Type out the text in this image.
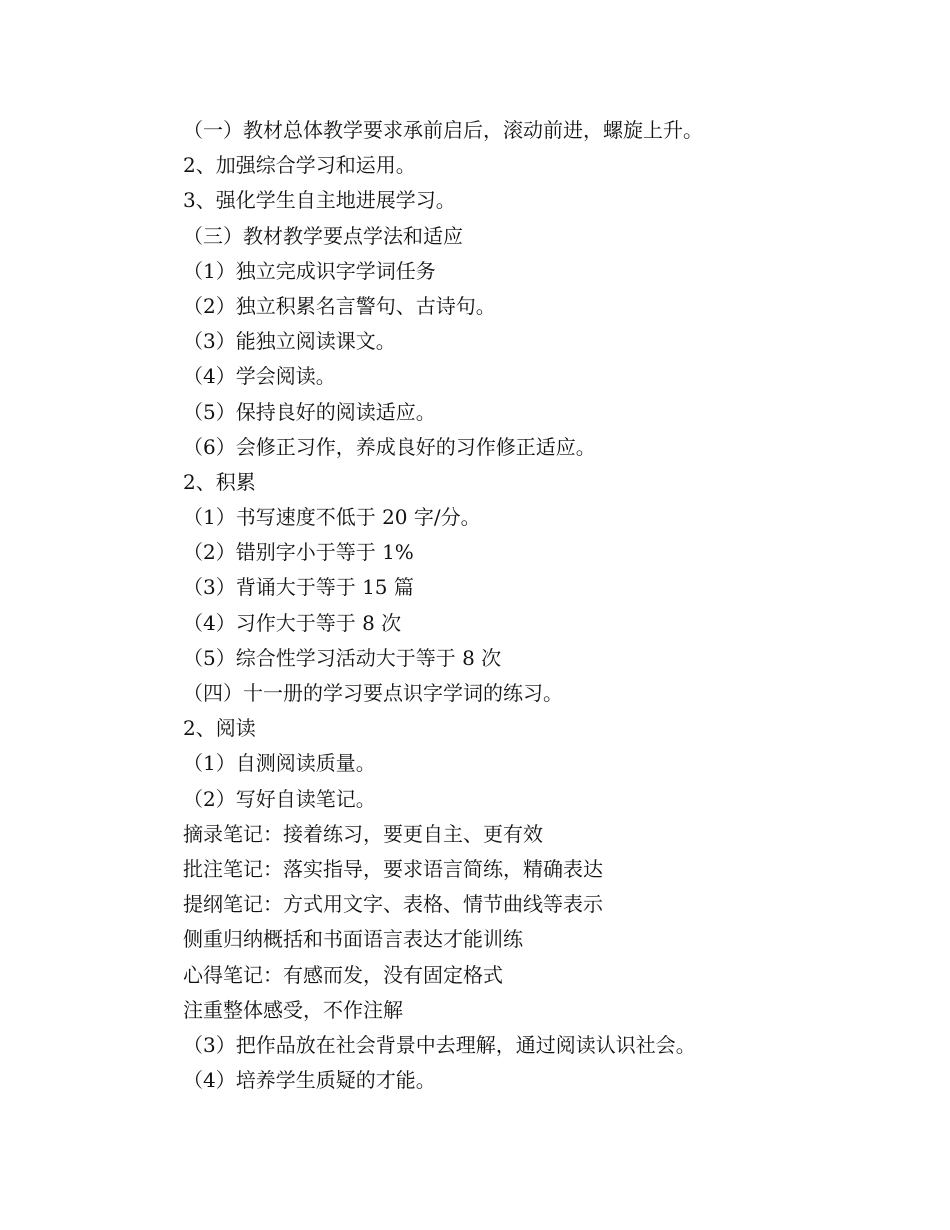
（一）教材总体教学要求承前启后，滚动前进，螺旋上升。
2、加强综合学习和运用。
3、强化学生自主地进展学习。
（三）教材教学要点学法和适应
（1）独立完成识字学词任务
（2）独立积累名言警句、古诗句。
（3）能独立阅读课文。
（4）学会阅读。
（5）保持良好的阅读适应。
（6）会修正习作，养成良好的习作修正适应。
2、积累
（1）书写速度不低于 20 字/分。
（2）错别字小于等于 1%
（3）背诵大于等于 15 篇
（4）习作大于等于 8 次
（5）综合性学习活动大于等于 8 次
（四）十一册的学习要点识字学词的练习。
2、阅读
（1）自测阅读质量。
（2）写好自读笔记。
摘录笔记：接着练习，要更自主、更有效
批注笔记：落实指导，要求语言简练，精确表达
提纲笔记：方式用文字、表格、情节曲线等表示
侧重归纳概括和书面语言表达才能训练
心得笔记：有感而发，没有固定格式
注重整体感受，不作注解
（3）把作品放在社会背景中去理解，通过阅读认识社会。
（4）培养学生质疑的才能。
